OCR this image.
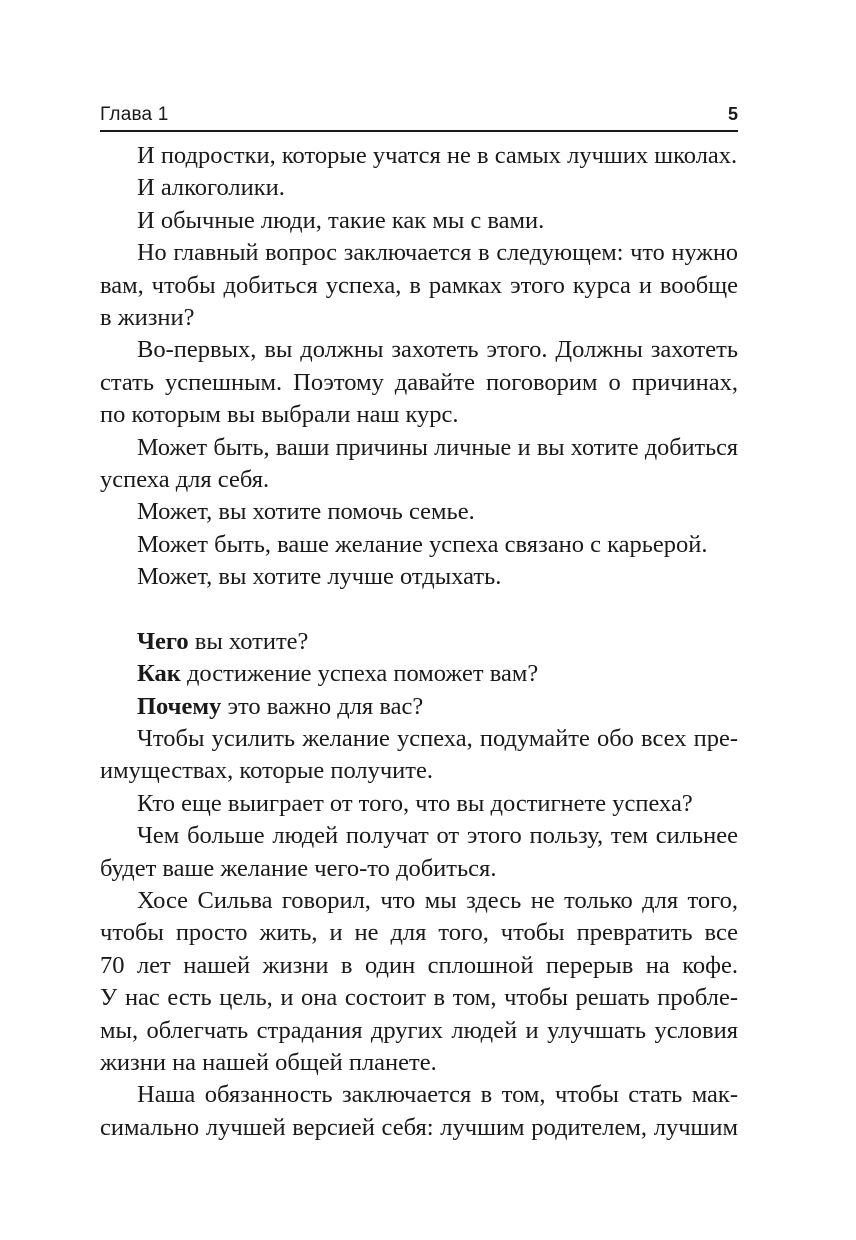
Глава 1	5
И подростки, которые учатся не в самых лучших школах.
И алкоголики.
И обычные люди, такие как мы с вами.
Но главный вопрос заключается в следующем: что нужно
вам, чтобы добиться успеха, в рамках этого курса и вообще
в жизни?
Во-первых, вы должны захотеть этого. Должны захотеть
стать успешным. Поэтому давайте поговорим о причинах,
по которым вы выбрали наш курс.
Может быть, ваши причины личные и вы хотите добиться
успеха для себя.
Может, вы хотите помочь семье.
Может быть, ваше желание успеха связано с карьерой.
Может, вы хотите лучше отдыхать.
Чего вы хотите?
Как достижение успеха поможет вам?
Почему это важно для вас?
Чтобы усилить желание успеха, подумайте обо всех пре-
имуществах, которые получите.
Кто еще выиграет от того, что вы достигнете успеха?
Чем больше людей получат от этого пользу, тем сильнее
будет ваше желание чего-то добиться.
Хосе Сильва говорил, что мы здесь не только для того,
чтобы просто жить, и не для того, чтобы превратить все
70 лет нашей жизни в один сплошной перерыв на кофе.
У нас есть цель, и она состоит в том, чтобы решать пробле-
мы, облегчать страдания других людей и улучшать условия
жизни на нашей общей планете.
Наша обязанность заключается в том, чтобы стать мак-
симально лучшей версией себя: лучшим родителем, лучшим
